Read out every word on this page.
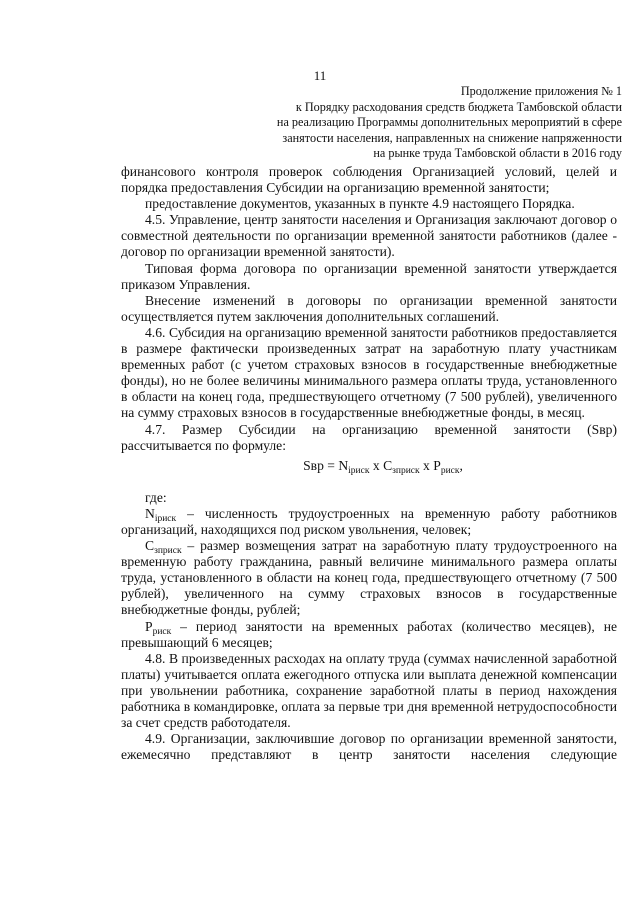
11
Продолжение приложения № 1
к Порядку расходования средств бюджета Тамбовской области
на реализацию Программы дополнительных мероприятий в сфере
занятости населения, направленных на снижение напряженности
на рынке труда Тамбовской области в 2016 году

финансового контроля проверок соблюдения Организацией условий, целей и порядка предоставления Субсидии на организацию временной занятости;

предоставление документов, указанных в пункте 4.9 настоящего Порядка.

4.5. Управление, центр занятости населения и Организация заключают договор о совместной деятельности по организации временной занятости работников (далее - договор по организации временной занятости).

Типовая форма договора по организации временной занятости утверждается приказом Управления.

Внесение изменений в договоры по организации временной занятости осуществляется путем заключения дополнительных соглашений.

4.6. Субсидия на организацию временной занятости работников предоставляется в размере фактически произведенных затрат на заработную плату участникам временных работ (с учетом страховых взносов в государственные внебюджетные фонды), но не более величины минимального размера оплаты труда, установленного в области на конец года, предшествующего отчетному (7 500 рублей), увеличенного на сумму страховых взносов в государственные внебюджетные фонды, в месяц.

4.7. Размер Субсидии на организацию временной занятости (Sвр) рассчитывается по формуле:

Sвр = $N_{iриск}$ х $С_{зприск}$ х $Р_{риск}$,

где:

$N_{iриск}$ – численность трудоустроенных на временную работу работников организаций, находящихся под риском увольнения, человек;

$С_{зприск}$ – размер возмещения затрат на заработную плату трудоустроенного на временную работу гражданина, равный величине минимального размера оплаты труда, установленного в области на конец года, предшествующего отчетному (7 500 рублей), увеличенного на сумму страховых взносов в государственные внебюджетные фонды, рублей;

$Р_{риск}$ – период занятости на временных работах (количество месяцев), не превышающий 6 месяцев;

4.8. В произведенных расходах на оплату труда (суммах начисленной заработной платы) учитывается оплата ежегодного отпуска или выплата денежной компенсации при увольнении работника, сохранение заработной платы в период нахождения работника в командировке, оплата за первые три дня временной нетрудоспособности за счет средств работодателя.

4.9. Организации, заключившие договор по организации временной занятости, ежемесячно представляют в центр занятости населения следующие
